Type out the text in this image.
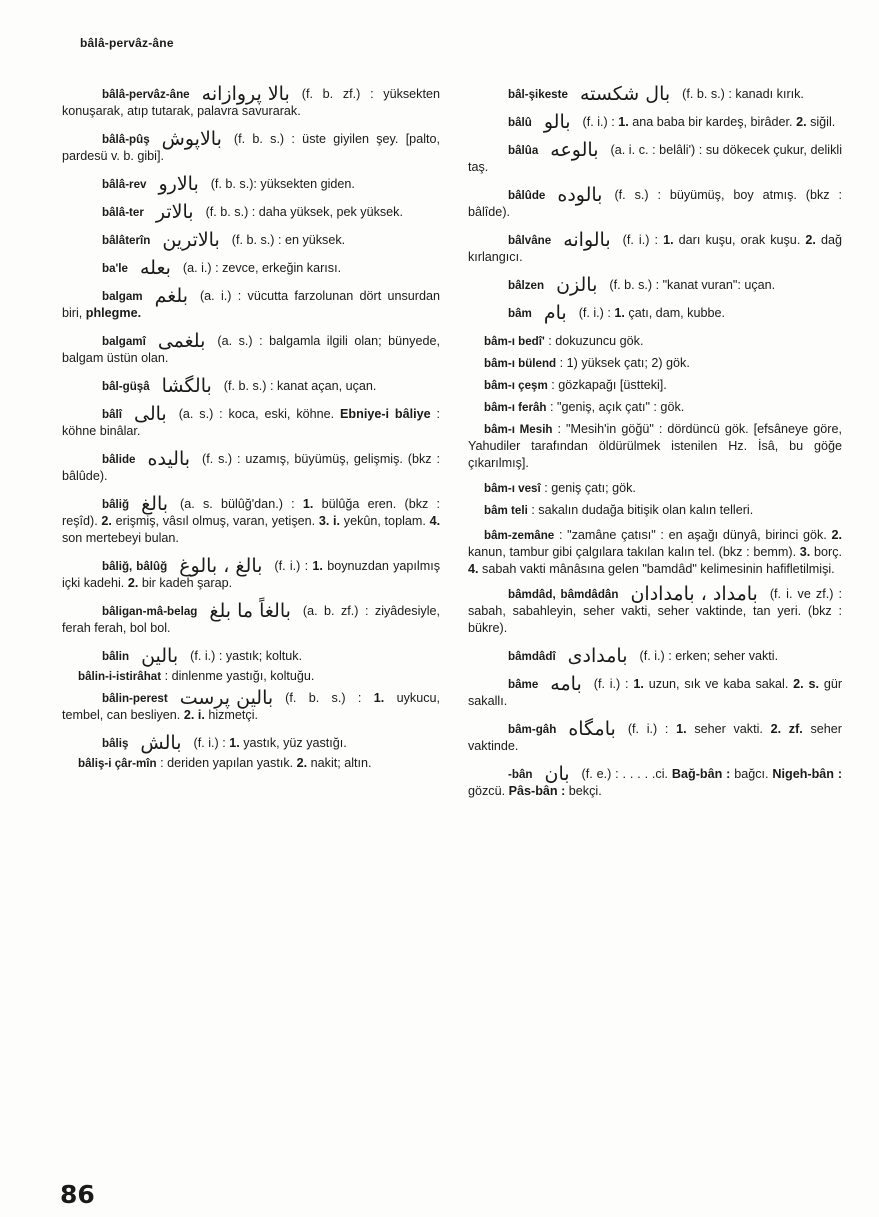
bâlâ-pervâz-âne

bâlâ-pervâz-âne بالا پروازانه (f. b. zf.) : yüksekten konuşarak, atıp tutarak, palavra savurarak.

bâlâ-pûş بالاپوش (f. b. s.) : üste giyilen şey. [palto, pardesü v. b. gibi].

bâlâ-rev بالارو (f. b. s.): yüksekten giden.

bâlâ-ter بالاتر (f. b. s.) : daha yüksek, pek yüksek.

bâlâterîn بالاترين (f. b. s.) : en yüksek.

ba'le بعله (a. i.) : zevce, erkeğin karısı.

balgam بلغم (a. i.) : vücutta farzolunan dört unsurdan biri, phlegme.

balgamî بلغمى (a. s.) : balgamla ilgili olan; bünyede, balgam üstün olan.

bâl-güşâ بالگشا (f. b. s.) : kanat açan, uçan.

bâlî بالى (a. s.) : koca, eski, köhne. Ebniye-i bâliye : köhne binâlar.

bâlide باليده (f. s.) : uzamış, büyümüş, gelişmiş. (bkz : bâlûde).

bâliğ بالغ (a. s. bülûğ'dan.) : 1. bülûğa eren. (bkz : reşîd). 2. erişmiş, vâsıl olmuş, varan, yetişen. 3. i. yekûn, toplam. 4. son mertebeyi bulan.

bâliğ, bâlûğ بالغ ، بالوغ (f. i.) : 1. boynuzdan yapılmış içki kadehi. 2. bir kadeh şarap.

bâligan-mâ-belag بالغاً ما بلغ (a. b. zf.) : ziyâdesiyle, ferah ferah, bol bol.

bâlin بالين (f. i.) : yastık; koltuk.

bâlin-i-istirâhat : dinlenme yastığı, koltuğu.

bâlin-perest بالين پرست (f. b. s.) : 1. uykucu, tembel, can besliyen. 2. i. hizmetçi.

bâliş بالش (f. i.) : 1. yastık, yüz yastığı.

bâliş-i çâr-mîn : deriden yapılan yastık. 2. nakit; altın.

bâl-şikeste بال شكسته (f. b. s.) : kanadı kırık.

bâlû بالو (f. i.) : 1. ana baba bir kardeş, birâder. 2. siğil.

bâlûa بالوعه (a. i. c. : belâli') : su dökecek çukur, delikli taş.

bâlûde بالوده (f. s.) : büyümüş, boy atmış. (bkz : bâlîde).

bâlvâne بالوانه (f. i.) : 1. darı kuşu, orak kuşu. 2. dağ kırlangıcı.

bâlzen بالزن (f. b. s.) : "kanat vuran": uçan.

bâm بام (f. i.) : 1. çatı, dam, kubbe.

bâm-ı bedî' : dokuzuncu gök.

bâm-ı bülend : 1) yüksek çatı; 2) gök.

bâm-ı çeşm : gözkapağı [üstteki].

bâm-ı ferâh : "geniş, açık çatı" : gök.

bâm-ı Mesih : "Mesih'in göğü" : dördüncü gök. [efsâneye göre, Yahudiler tarafından öldürülmek istenilen Hz. İsâ, bu göğe çıkarılmış].

bâm-ı vesî : geniş çatı; gök.

bâm teli : sakalın dudağa bitişik olan kalın telleri.

bâm-zemâne : "zamâne çatısı" : en aşağı dünyâ, birinci gök. 2. kanun, tambur gibi çalgılara takılan kalın tel. (bkz : bemm). 3. borç. 4. sabah vakti mânâsına gelen "bamdâd" kelimesinin hafifletilmişi.

bâmdâd, bâmdâdân بامداد ، بامدادان (f. i. ve zf.) : sabah, sabahleyin, seher vakti, seher vaktinde, tan yeri. (bkz : bükre).

bâmdâdî بامدادى (f. i.) : erken; seher vakti.

bâme بامه (f. i.) : 1. uzun, sık ve kaba sakal. 2. s. gür sakallı.

bâm-gâh بامگاه (f. i.) : 1. seher vakti. 2. zf. seher vaktinde.

-bân بان (f. e.) : . . . . .ci. Bağ-bân : bağcı. Nigeh-bân : gözcü. Pâs-bân : bekçi.

86
